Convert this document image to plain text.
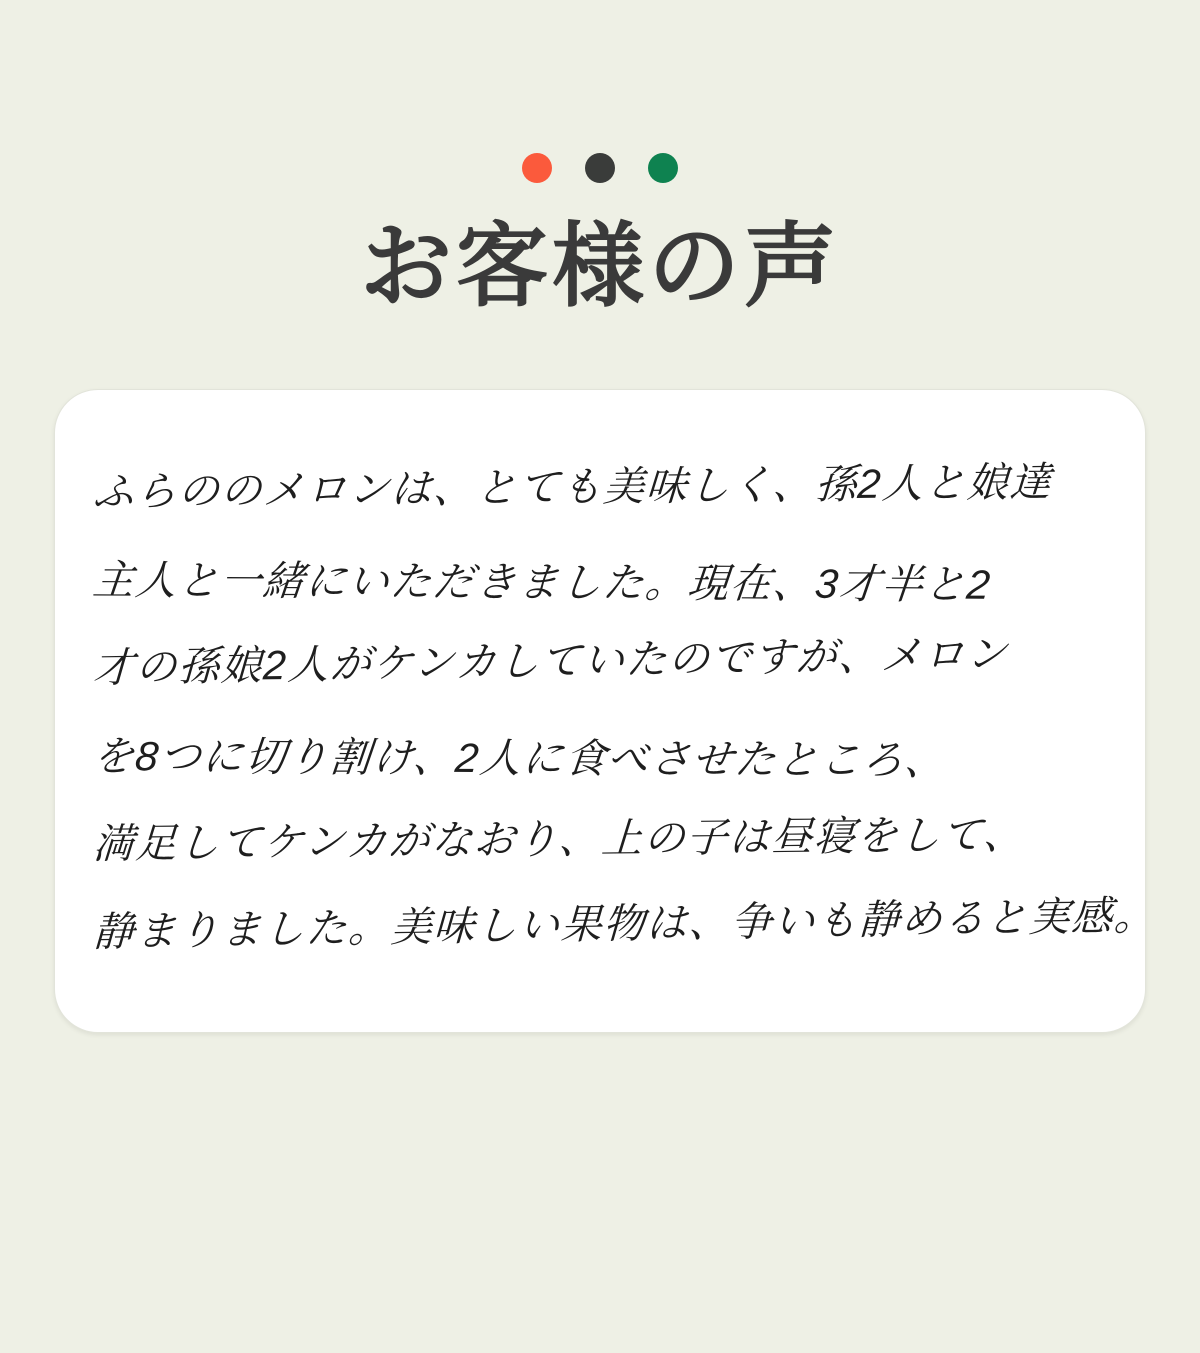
お客様の声
ふらののメロンは、とても美味しく、孫2人と娘達
主人と一緒にいただきました。現在、3才半と2
才の孫娘2人がケンカしていたのですが、メロン
を8つに切り割け、2人に食べさせたところ、
満足してケンカがなおり、上の子は昼寝をして、
静まりました。美味しい果物は、争いも静めると実感。
